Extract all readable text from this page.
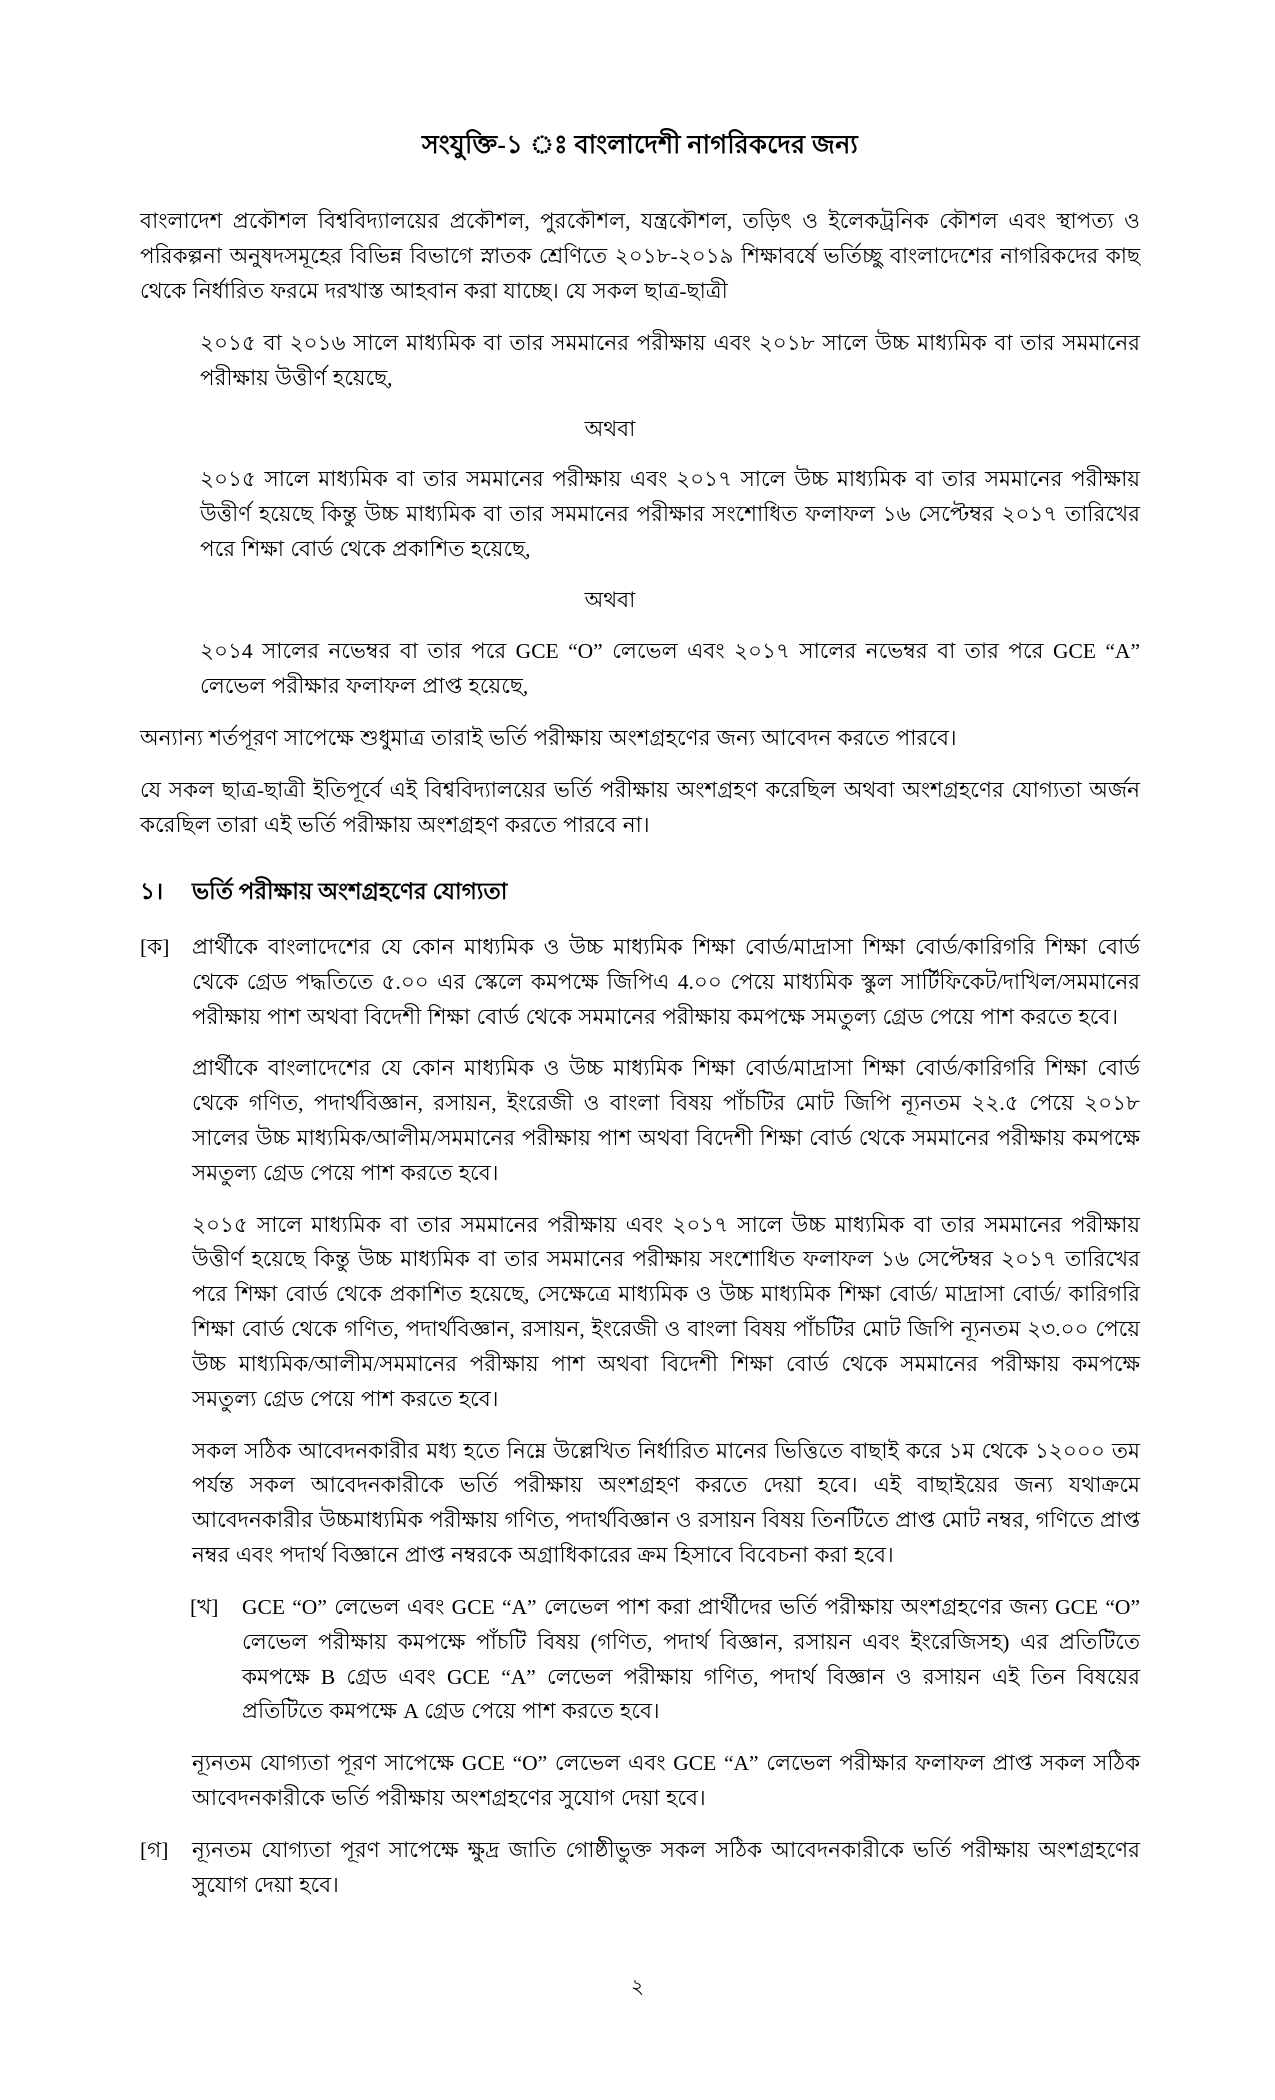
সংযুক্তি-১ ঃ বাংলাদেশী নাগরিকদের জন্য

বাংলাদেশ প্রকৌশল বিশ্ববিদ্যালয়ের প্রকৌশল, পুরকৌশল, যন্ত্রকৌশল, তড়িৎ ও ইলেকট্রনিক কৌশল এবং স্থাপত্য ও পরিকল্পনা অনুষদসমূহের বিভিন্ন বিভাগে স্নাতক শ্রেণিতে ২০১৮-২০১৯ শিক্ষাবর্ষে ভর্তিচ্ছু বাংলাদেশের নাগরিকদের কাছ থেকে নির্ধারিত ফরমে দরখাস্ত আহবান করা যাচ্ছে। যে সকল ছাত্র-ছাত্রী

২০১৫ বা ২০১৬ সালে মাধ্যমিক বা তার সমমানের পরীক্ষায় এবং ২০১৮ সালে উচ্চ মাধ্যমিক বা তার সমমানের পরীক্ষায় উত্তীর্ণ হয়েছে,

অথবা

২০১৫ সালে মাধ্যমিক বা তার সমমানের পরীক্ষায় এবং ২০১৭ সালে উচ্চ মাধ্যমিক বা তার সমমানের পরীক্ষায় উত্তীর্ণ হয়েছে কিন্তু উচ্চ মাধ্যমিক বা তার সমমানের পরীক্ষার সংশোধিত ফলাফল ১৬ সেপ্টেম্বর ২০১৭ তারিখের পরে শিক্ষা বোর্ড থেকে প্রকাশিত হয়েছে,

অথবা

২০১4 সালের নভেম্বর বা তার পরে GCE “O” লেভেল এবং ২০১৭ সালের নভেম্বর বা তার পরে GCE “A” লেভেল পরীক্ষার ফলাফল প্রাপ্ত হয়েছে,

অন্যান্য শর্তপূরণ সাপেক্ষে শুধুমাত্র তারাই ভর্তি পরীক্ষায় অংশগ্রহণের জন্য আবেদন করতে পারবে।

যে সকল ছাত্র-ছাত্রী ইতিপূর্বে এই বিশ্ববিদ্যালয়ের ভর্তি পরীক্ষায় অংশগ্রহণ করেছিল অথবা অংশগ্রহণের যোগ্যতা অর্জন করেছিল তারা এই ভর্তি পরীক্ষায় অংশগ্রহণ করতে পারবে না।

১।	ভর্তি পরীক্ষায় অংশগ্রহণের যোগ্যতা
[ক]	প্রার্থীকে বাংলাদেশের যে কোন মাধ্যমিক ও উচ্চ মাধ্যমিক শিক্ষা বোর্ড/মাদ্রাসা শিক্ষা বোর্ড/কারিগরি শিক্ষা বোর্ড থেকে গ্রেড পদ্ধতিতে ৫.০০ এর স্কেলে কমপক্ষে জিপিএ 4.০০ পেয়ে মাধ্যমিক স্কুল সার্টিফিকেট/দাখিল/সমমানের পরীক্ষায় পাশ অথবা বিদেশী শিক্ষা বোর্ড থেকে সমমানের পরীক্ষায় কমপক্ষে সমতুল্য গ্রেড পেয়ে পাশ করতে হবে।

প্রার্থীকে বাংলাদেশের যে কোন মাধ্যমিক ও উচ্চ মাধ্যমিক শিক্ষা বোর্ড/মাদ্রাসা শিক্ষা বোর্ড/কারিগরি শিক্ষা বোর্ড থেকে গণিত, পদার্থবিজ্ঞান, রসায়ন, ইংরেজী ও বাংলা বিষয় পাঁচটির মোট জিপি ন্যূনতম ২২.৫ পেয়ে ২০১৮ সালের উচ্চ মাধ্যমিক/আলীম/সমমানের পরীক্ষায় পাশ অথবা বিদেশী শিক্ষা বোর্ড থেকে সমমানের পরীক্ষায় কমপক্ষে সমতুল্য গ্রেড পেয়ে পাশ করতে হবে।

২০১৫ সালে মাধ্যমিক বা তার সমমানের পরীক্ষায় এবং ২০১৭ সালে উচ্চ মাধ্যমিক বা তার সমমানের পরীক্ষায় উত্তীর্ণ হয়েছে কিন্তু উচ্চ মাধ্যমিক বা তার সমমানের পরীক্ষায় সংশোধিত ফলাফল ১৬ সেপ্টেম্বর ২০১৭ তারিখের পরে শিক্ষা বোর্ড থেকে প্রকাশিত হয়েছে, সেক্ষেত্রে মাধ্যমিক ও উচ্চ মাধ্যমিক শিক্ষা বোর্ড/ মাদ্রাসা বোর্ড/ কারিগরি শিক্ষা বোর্ড থেকে গণিত, পদার্থবিজ্ঞান, রসায়ন, ইংরেজী ও বাংলা বিষয় পাঁচটির মোট জিপি ন্যূনতম ২৩.০০ পেয়ে উচ্চ মাধ্যমিক/আলীম/সমমানের পরীক্ষায় পাশ অথবা বিদেশী শিক্ষা বোর্ড থেকে সমমানের পরীক্ষায় কমপক্ষে সমতুল্য গ্রেড পেয়ে পাশ করতে হবে।

সকল সঠিক আবেদনকারীর মধ্য হতে নিম্নে উল্লেখিত নির্ধারিত মানের ভিত্তিতে বাছাই করে ১ম থেকে ১২০০০ তম পর্যন্ত সকল আবেদনকারীকে ভর্তি পরীক্ষায় অংশগ্রহণ করতে দেয়া হবে। এই বাছাইয়ের জন্য যথাক্রমে আবেদনকারীর উচ্চমাধ্যমিক পরীক্ষায় গণিত, পদার্থবিজ্ঞান ও রসায়ন বিষয় তিনটিতে প্রাপ্ত মোট নম্বর, গণিতে প্রাপ্ত নম্বর এবং পদার্থ বিজ্ঞানে প্রাপ্ত নম্বরকে অগ্রাধিকারের ক্রম হিসাবে বিবেচনা করা হবে।

[খ]	GCE “O” লেভেল এবং GCE “A” লেভেল পাশ করা প্রার্থীদের ভর্তি পরীক্ষায় অংশগ্রহণের জন্য GCE “O” লেভেল পরীক্ষায় কমপক্ষে পাঁচটি বিষয় (গণিত, পদার্থ বিজ্ঞান, রসায়ন এবং ইংরেজিসহ) এর প্রতিটিতে কমপক্ষে B গ্রেড এবং GCE “A” লেভেল পরীক্ষায় গণিত, পদার্থ বিজ্ঞান ও রসায়ন এই তিন বিষয়ের প্রতিটিতে কমপক্ষে A গ্রেড পেয়ে পাশ করতে হবে।

ন্যূনতম যোগ্যতা পূরণ সাপেক্ষে GCE “O” লেভেল এবং GCE “A” লেভেল পরীক্ষার ফলাফল প্রাপ্ত সকল সঠিক আবেদনকারীকে ভর্তি পরীক্ষায় অংশগ্রহণের সুযোগ দেয়া হবে।

[গ]	ন্যূনতম যোগ্যতা পূরণ সাপেক্ষে ক্ষুদ্র জাতি গোষ্ঠীভুক্ত সকল সঠিক আবেদনকারীকে ভর্তি পরীক্ষায় অংশগ্রহণের সুযোগ দেয়া হবে।

২
